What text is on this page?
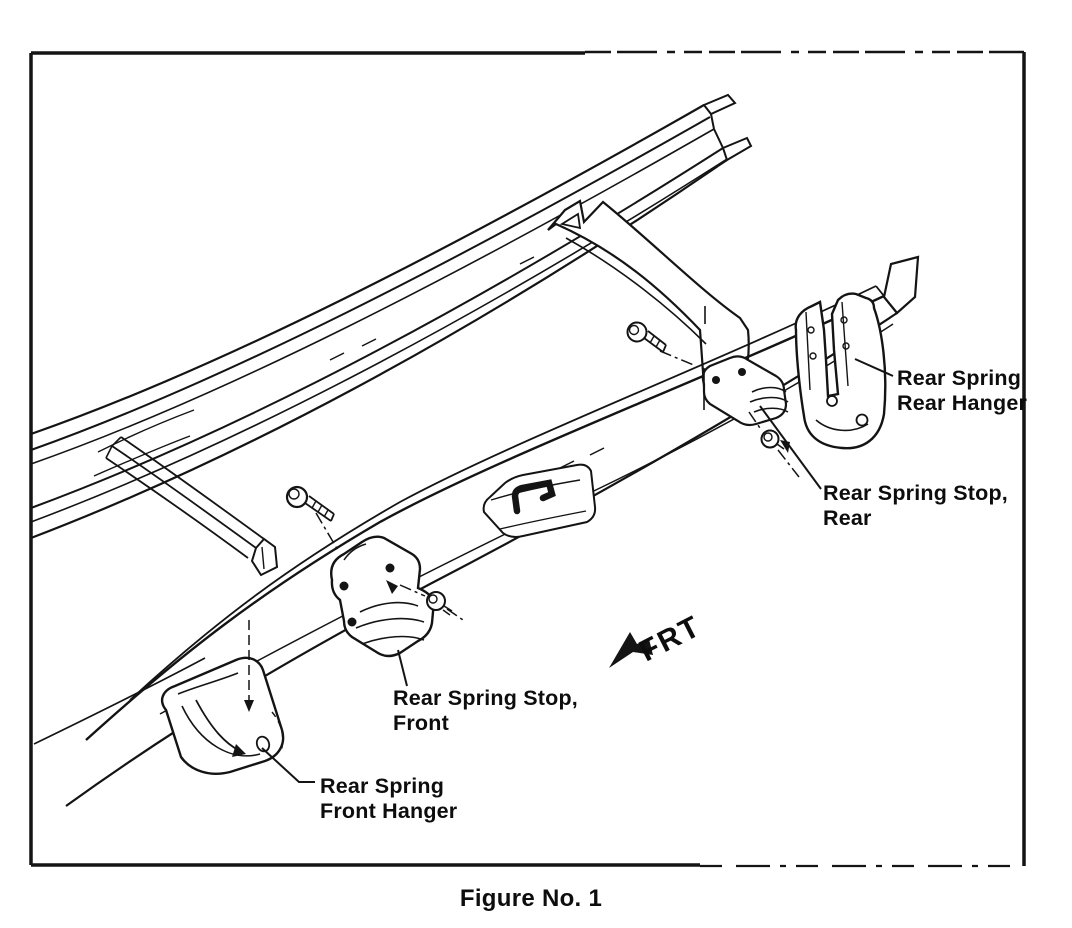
FRT
Rear Spring
Rear Hanger
Rear Spring Stop,
Rear
Rear Spring Stop,
Front
Rear Spring
Front Hanger
Figure No. 1
